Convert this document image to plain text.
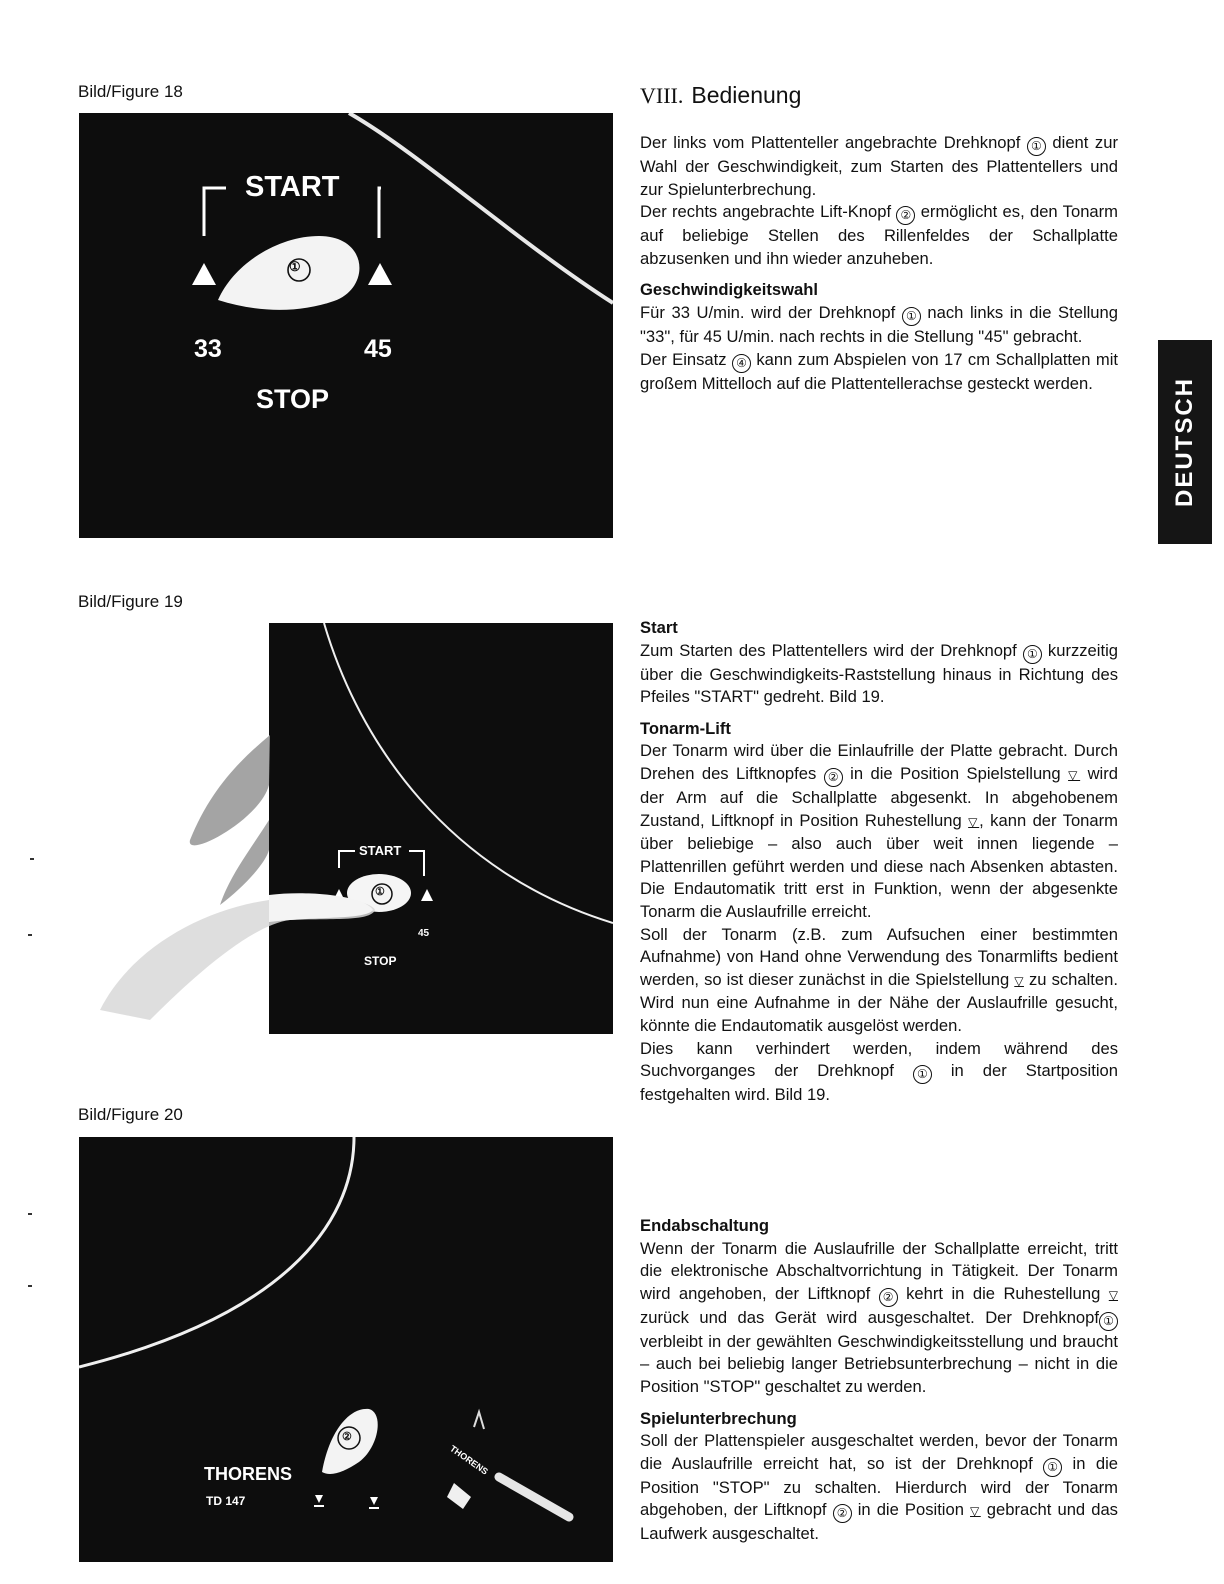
Bild/Figure 18
START
①
33	45
STOP
Bild/Figure 19
START
①
45
STOP
Bild/Figure 20
②
THORENS
TD 147
THORENS
VIII. Bedienung
DEUTSCH

Der links vom Plattenteller angebrachte Drehknopf ① dient zur Wahl der Geschwindigkeit, zum Starten des Plattentellers und zur Spielunterbrechung.

Der rechts angebrachte Lift-Knopf ② ermöglicht es, den Tonarm auf beliebige Stellen des Rillenfeldes der Schallplatte abzusenken und ihn wieder anzuheben.

Geschwindigkeitswahl

Für 33 U/min. wird der Drehknopf ① nach links in die Stellung "33", für 45 U/min. nach rechts in die Stellung "45" gebracht.

Der Einsatz ④ kann zum Abspielen von 17 cm Schallplatten mit großem Mittelloch auf die Plattentellerachse gesteckt werden.

Start

Zum Starten des Plattentellers wird der Drehknopf ① kurzzeitig über die Geschwindigkeits-Raststellung hinaus in Richtung des Pfeiles "START" gedreht. Bild 19.

Tonarm-Lift

Der Tonarm wird über die Einlaufrille der Platte gebracht. Durch Drehen des Liftknopfes ② in die Position Spielstellung ▽ wird der Arm auf die Schallplatte abgesenkt. In abgehobenem Zustand, Liftknopf in Position Ruhestellung ▽, kann der Tonarm über beliebige – also auch über weit innen liegende – Plattenrillen geführt werden und diese nach Absenken abtasten. Die Endautomatik tritt erst in Funktion, wenn der abgesenkte Tonarm die Auslaufrille erreicht.

Soll der Tonarm (z.B. zum Aufsuchen einer bestimmten Aufnahme) von Hand ohne Verwendung des Tonarmlifts bedient werden, so ist dieser zunächst in die Spielstellung ▽ zu schalten. Wird nun eine Aufnahme in der Nähe der Auslaufrille gesucht, könnte die Endautomatik ausgelöst werden.

Dies kann verhindert werden, indem während des Suchvorganges der Drehknopf ① in der Startposition festgehalten wird. Bild 19.

Endabschaltung

Wenn der Tonarm die Auslaufrille der Schallplatte erreicht, tritt die elektronische Abschaltvorrichtung in Tätigkeit. Der Tonarm wird angehoben, der Liftknopf ② kehrt in die Ruhestellung ▽ zurück und das Gerät wird ausgeschaltet. Der Drehknopf ①verbleibt in der gewählten Geschwindigkeitsstellung und braucht – auch bei beliebig langer Betriebsunterbrechung – nicht in die Position "STOP" geschaltet zu werden.

Spielunterbrechung

Soll der Plattenspieler ausgeschaltet werden, bevor der Tonarm die Auslaufrille erreicht hat, so ist der Drehknopf ① in die Position "STOP" zu schalten. Hierdurch wird der Tonarm abgehoben, der Liftknopf ② in die Position ▽ gebracht und das Laufwerk ausgeschaltet.
